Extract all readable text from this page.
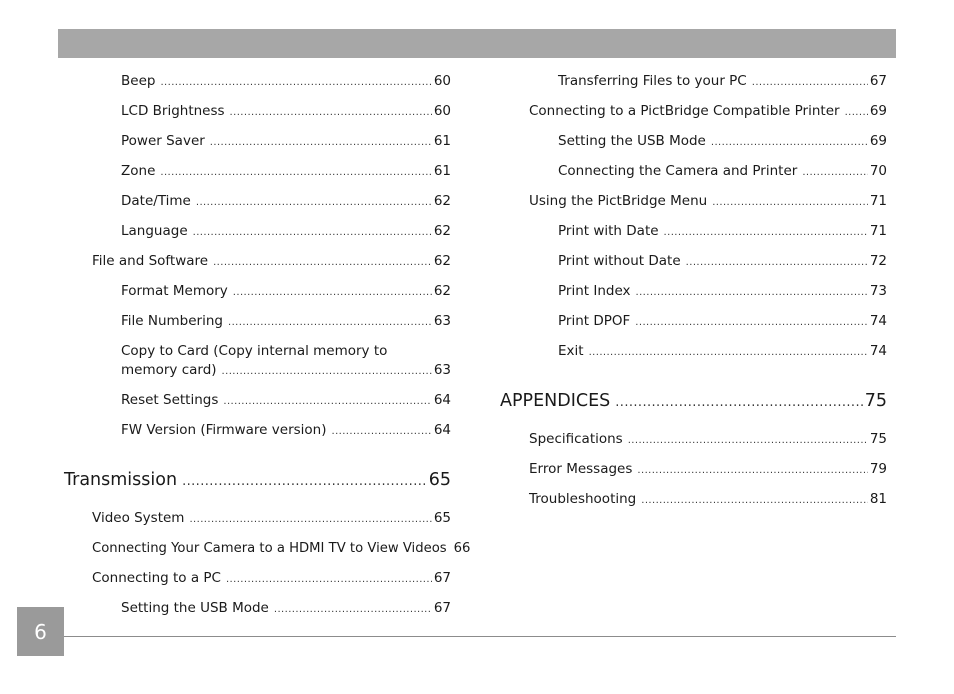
Beep .....	60
LCD Brightness .....	60
Power Saver .....	61
Zone .....	61
Date/Time .....	62
Language .....	62
File and Software .....	62
Format Memory .....	62
File Numbering .....	63
Copy to Card (Copy internal memory to
memory card) .....	63
Reset Settings .....	64
FW Version (Firmware version) .....	64
Transmission .....	65
Video System .....	65
Connecting Your Camera to a HDMI TV to View Videos 66
Connecting to a PC .....	67
Setting the USB Mode .....	67
Transferring Files to your PC .....	67
Connecting to a PictBridge Compatible Printer ..... 69
Setting the USB Mode .....	69
Connecting the Camera and Printer .....	70
Using the PictBridge Menu .....	71
Print with Date .....	71
Print without Date .....	72
Print Index .....	73
Print DPOF .....	74
Exit .....	74
APPENDICES .....	75
Specifications .....	75
Error Messages .....	79
Troubleshooting .....	81
6
